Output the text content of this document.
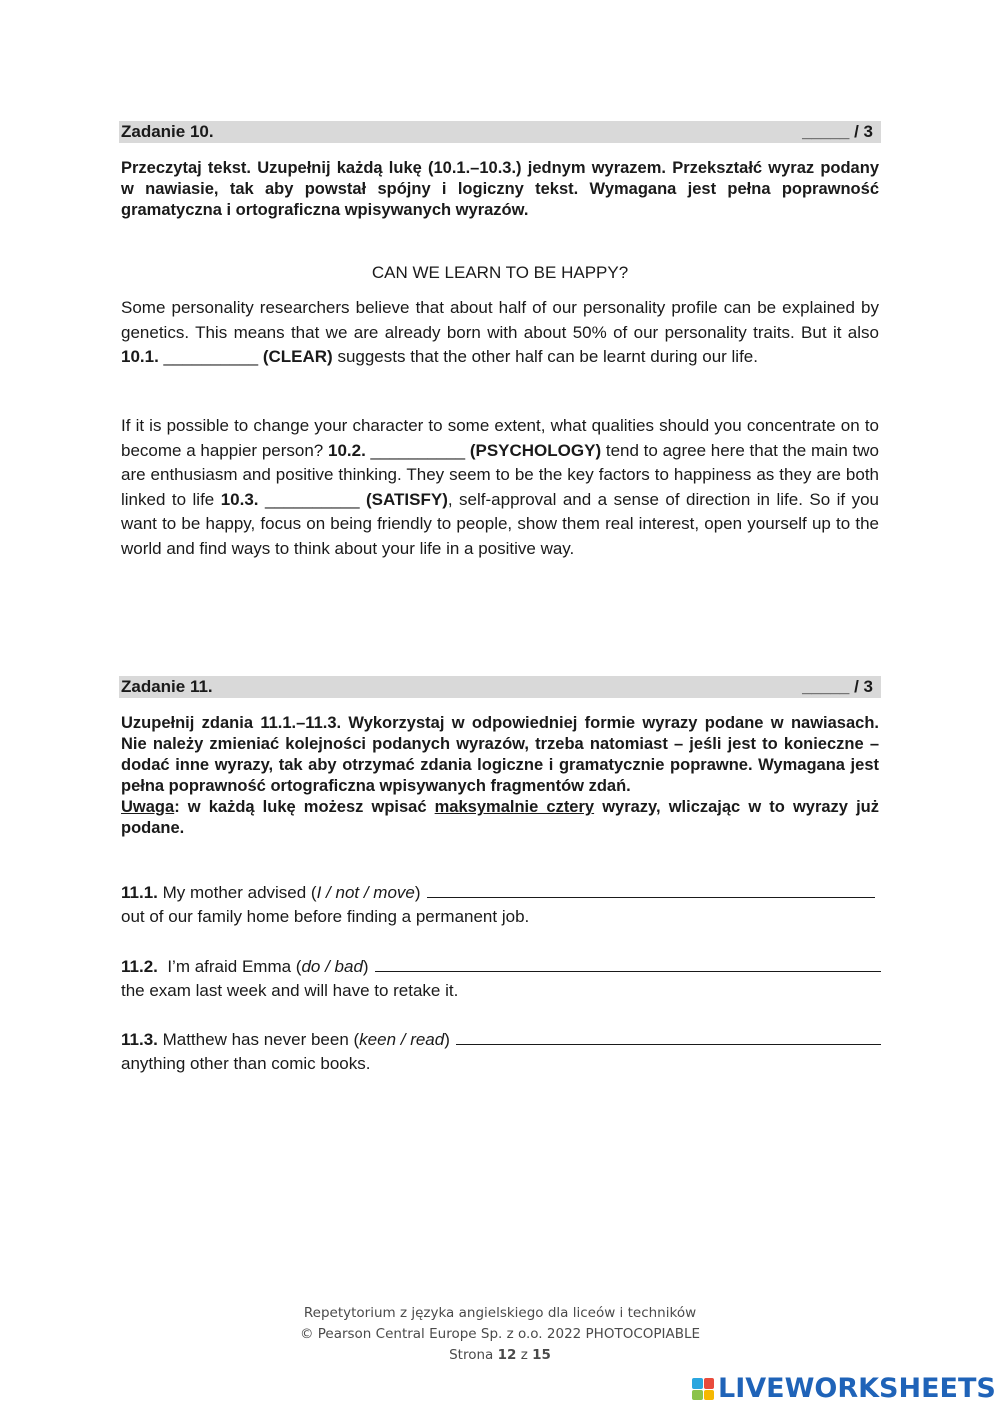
Zadanie 10.	_____ / 3

Przeczytaj tekst. Uzupełnij każdą lukę (10.1.–10.3.) jednym wyrazem. Przekształć wyraz podany w nawiasie, tak aby powstał spójny i logiczny tekst. Wymagana jest pełna poprawność gramatyczna i ortograficzna wpisywanych wyrazów.

CAN WE LEARN TO BE HAPPY?

Some personality researchers believe that about half of our personality profile can be explained by genetics. This means that we are already born with about 50% of our personality traits. But it also 10.1. __________ (CLEAR) suggests that the other half can be learnt during our life.

If it is possible to change your character to some extent, what qualities should you concentrate on to become a happier person? 10.2. __________ (PSYCHOLOGY) tend to agree here that the main two are enthusiasm and positive thinking. They seem to be the key factors to happiness as they are both linked to life 10.3. __________ (SATISFY), self-approval and a sense of direction in life. So if you want to be happy, focus on being friendly to people, show them real interest, open yourself up to the world and find ways to think about your life in a positive way.

Zadanie 11.	_____ / 3

Uzupełnij zdania 11.1.–11.3. Wykorzystaj w odpowiedniej formie wyrazy podane w nawiasach. Nie należy zmieniać kolejności podanych wyrazów, trzeba natomiast – jeśli jest to konieczne – dodać inne wyrazy, tak aby otrzymać zdania logiczne i gramatycznie poprawne. Wymagana jest pełna poprawność ortograficzna wpisywanych fragmentów zdań.

Uwaga: w każdą lukę możesz wpisać maksymalnie cztery wyrazy, wliczając w to wyrazy już podane.

11.1. My mother advised ( I / not / move )
out of our family home before finding a permanent job.
11.2. I’m afraid Emma ( do / bad )
the exam last week and will have to retake it.
11.3. Matthew has never been ( keen / read )
anything other than comic books.
Repetytorium z języka angielskiego dla liceów i techników
© Pearson Central Europe Sp. z o.o. 2022 PHOTOCOPIABLE
Strona 12 z 15
LIVEWORKSHEETS
